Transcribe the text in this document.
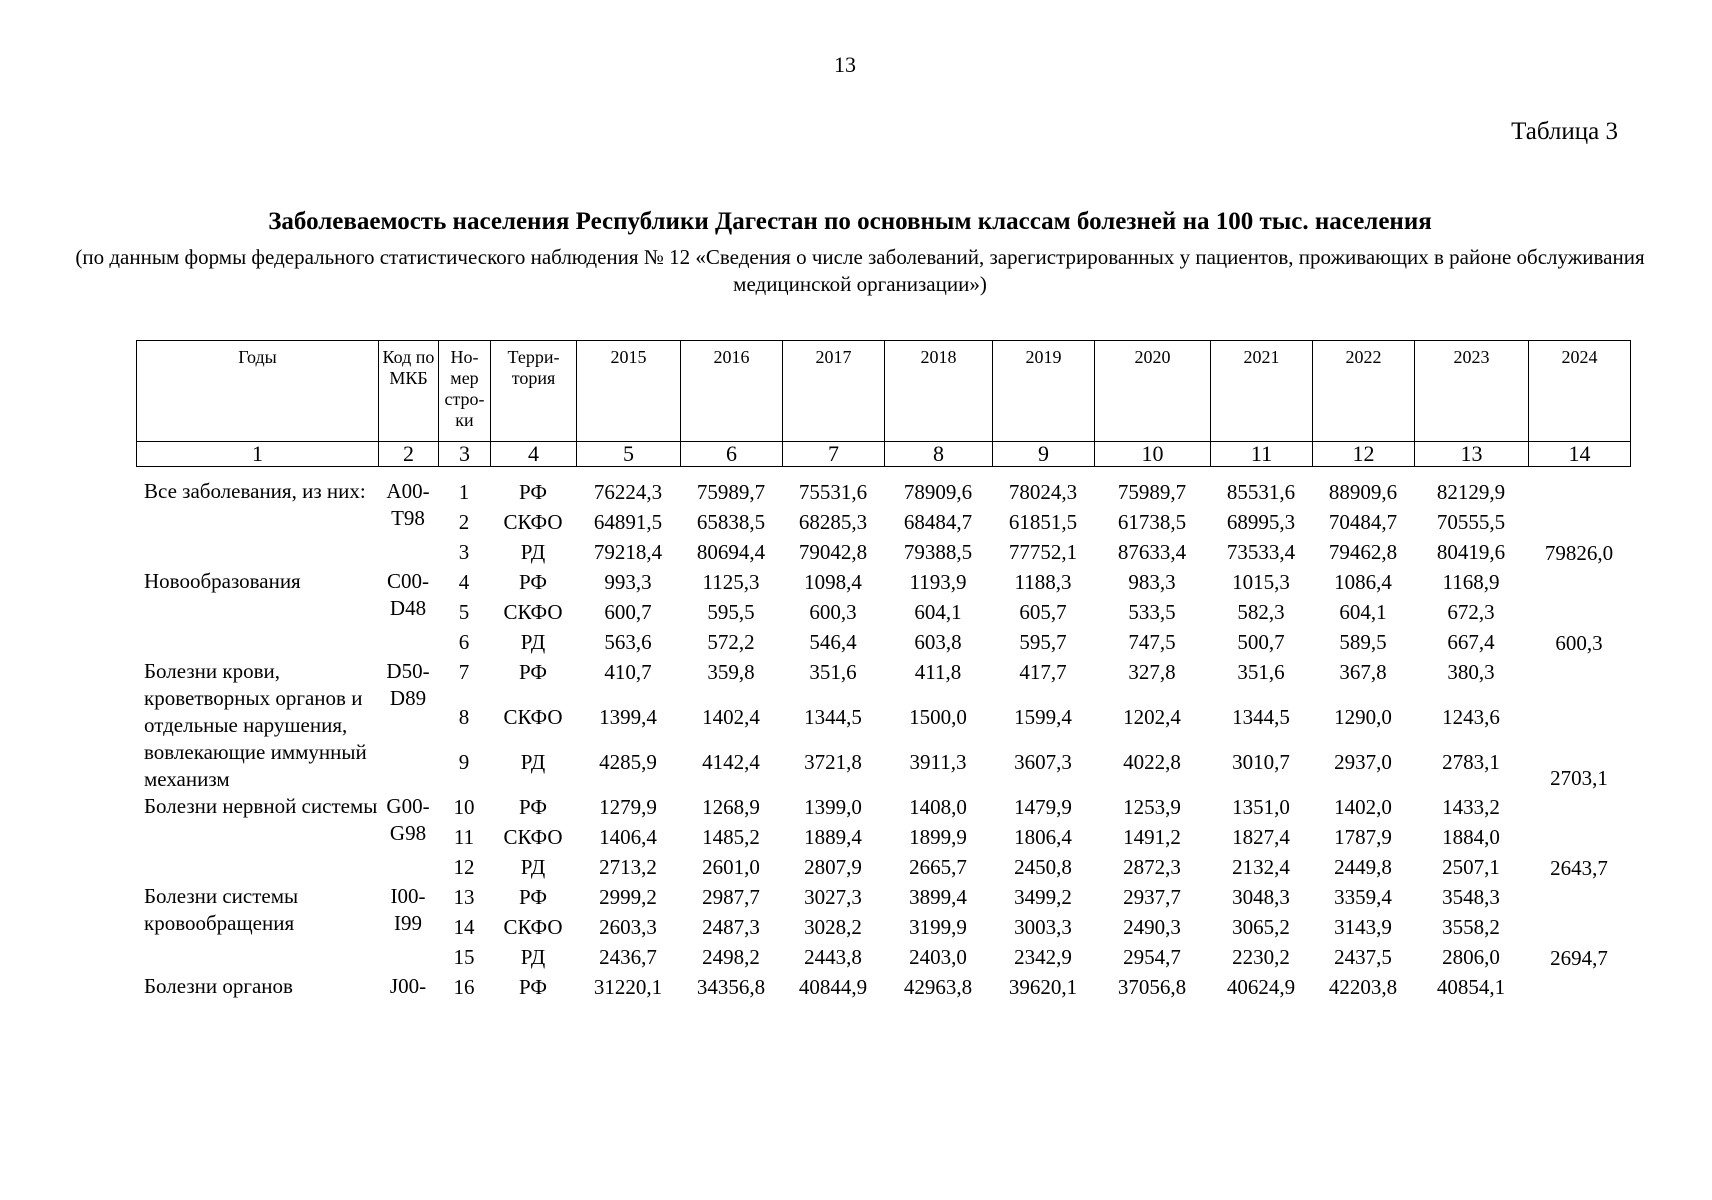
13
Таблица 3
Заболеваемость населения Республики Дагестан по основным классам болезней на 100 тыс. населения
(по данным формы федерального статистического наблюдения № 12 «Сведения о числе заболеваний, зарегистрированных у пациентов, проживающих в районе обслуживания медицинской организации»)
Годы	Код по МКБ	Но-мер стро-ки	Терри-тория	2015	2016	2017	2018	2019	2020	2021	2022	2023	2024
1	2	3	4	5	6	7	8	9	10	11	12	13	14
Все заболевания, из них:	A00-T98	1	РФ	76224,3	75989,7	75531,6	78909,6	78024,3	75989,7	85531,6	88909,6	82129,9	
		2	СКФО	64891,5	65838,5	68285,3	68484,7	61851,5	61738,5	68995,3	70484,7	70555,5	
		3	РД	79218,4	80694,4	79042,8	79388,5	77752,1	87633,4	73533,4	79462,8	80419,6	79826,0
Новообразования	C00-D48	4	РФ	993,3	1125,3	1098,4	1193,9	1188,3	983,3	1015,3	1086,4	1168,9	
		5	СКФО	600,7	595,5	600,3	604,1	605,7	533,5	582,3	604,1	672,3	
		6	РД	563,6	572,2	546,4	603,8	595,7	747,5	500,7	589,5	667,4	600,3
Болезни крови, кроветворных органов и отдельные нарушения, вовлекающие иммунный механизм	D50-D89	7	РФ	410,7	359,8	351,6	411,8	417,7	327,8	351,6	367,8	380,3	
		8	СКФО	1399,4	1402,4	1344,5	1500,0	1599,4	1202,4	1344,5	1290,0	1243,6	
		9	РД	4285,9	4142,4	3721,8	3911,3	3607,3	4022,8	3010,7	2937,0	2783,1	2703,1
Болезни нервной системы	G00-G98	10	РФ	1279,9	1268,9	1399,0	1408,0	1479,9	1253,9	1351,0	1402,0	1433,2	
		11	СКФО	1406,4	1485,2	1889,4	1899,9	1806,4	1491,2	1827,4	1787,9	1884,0	
		12	РД	2713,2	2601,0	2807,9	2665,7	2450,8	2872,3	2132,4	2449,8	2507,1	2643,7
Болезни системы кровообращения	I00-I99	13	РФ	2999,2	2987,7	3027,3	3899,4	3499,2	2937,7	3048,3	3359,4	3548,3	
		14	СКФО	2603,3	2487,3	3028,2	3199,9	3003,3	2490,3	3065,2	3143,9	3558,2	
		15	РД	2436,7	2498,2	2443,8	2403,0	2342,9	2954,7	2230,2	2437,5	2806,0	2694,7
Болезни органов	J00-	16	РФ	31220,1	34356,8	40844,9	42963,8	39620,1	37056,8	40624,9	42203,8	40854,1	
